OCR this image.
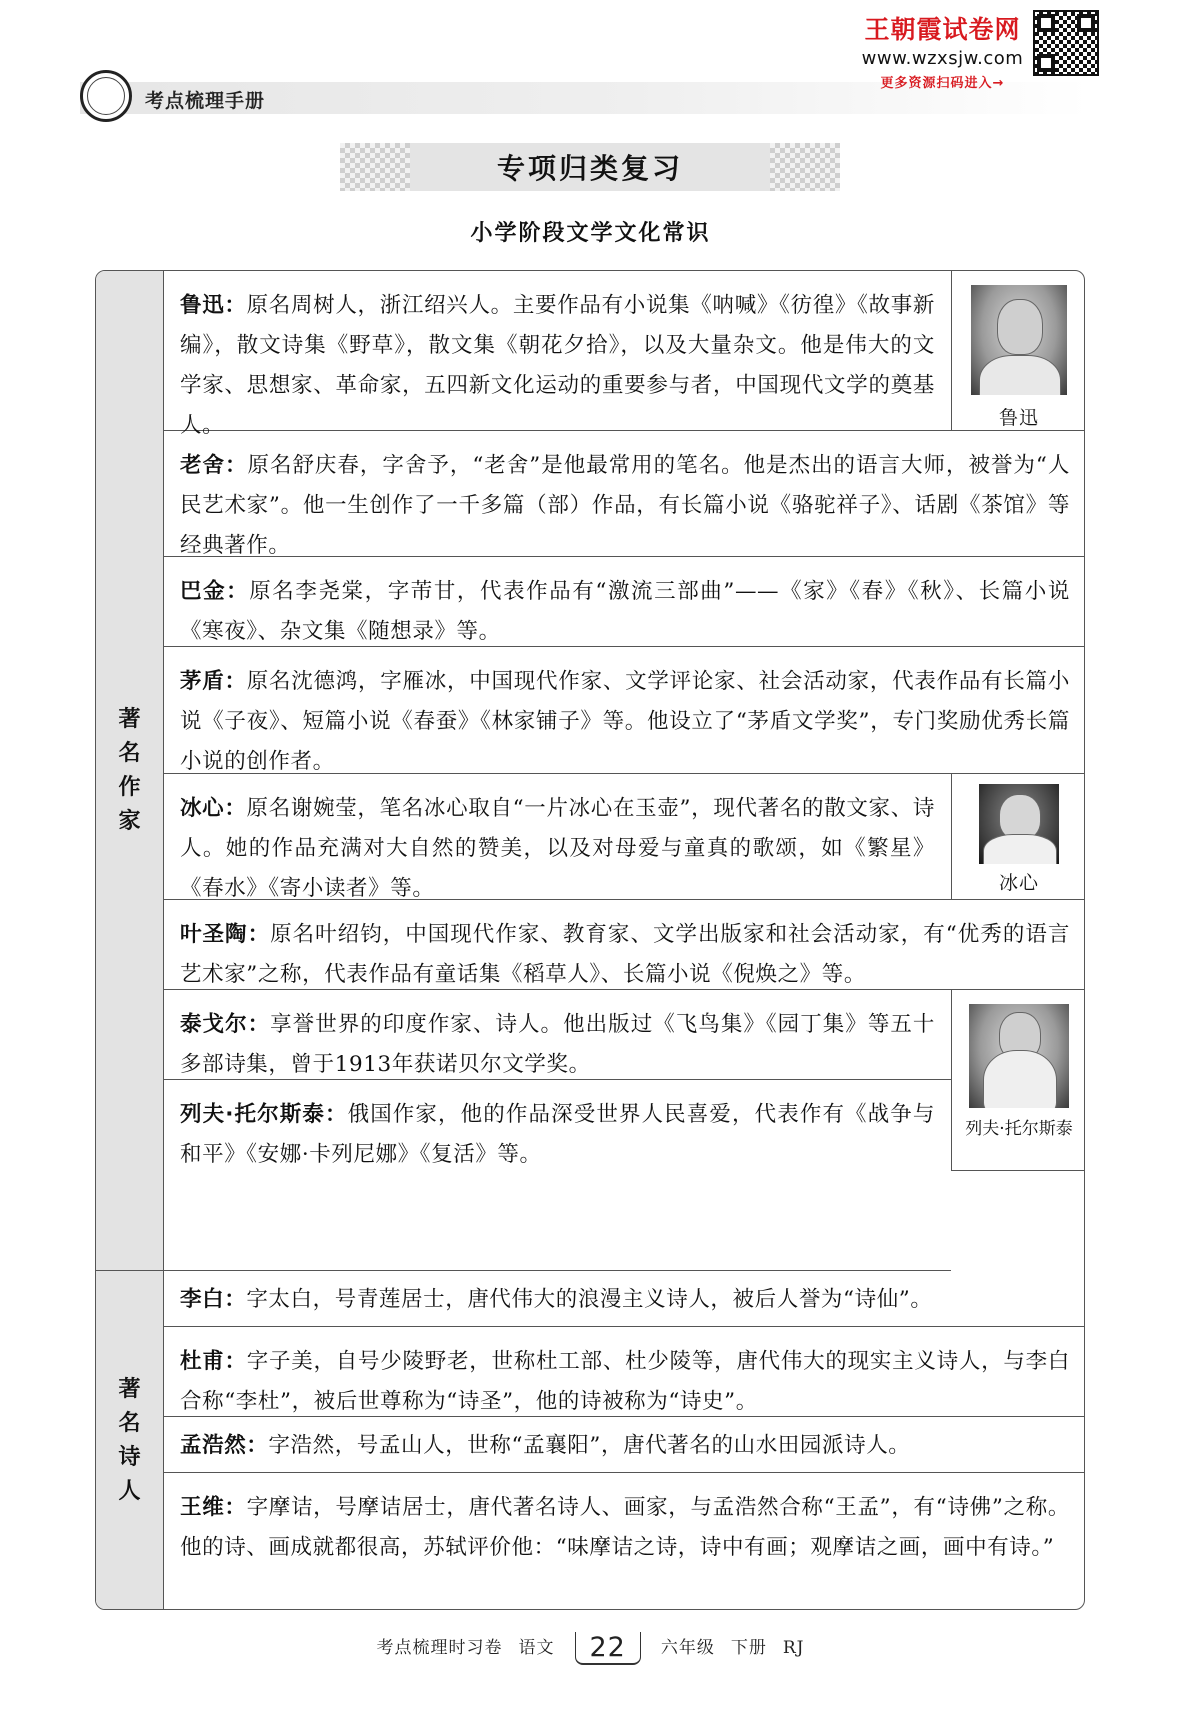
考点梳理手册
王朝霞试卷网
www.wzxsjw.com
更多资源扫码进入→
专项归类复习
小学阶段文学文化常识
著名作家
著名诗人
鲁迅：原名周树人，浙江绍兴人。主要作品有小说集《呐喊》《彷徨》《故事新编》，散文诗集《野草》，散文集《朝花夕拾》，以及大量杂文。他是伟大的文学家、思想家、革命家，五四新文化运动的重要参与者，中国现代文学的奠基人。	鲁迅
老舍：原名舒庆春，字舍予，“老舍”是他最常用的笔名。他是杰出的语言大师，被誉为“人民艺术家”。他一生创作了一千多篇（部）作品，有长篇小说《骆驼祥子》、话剧《茶馆》等经典著作。
巴金：原名李尧棠，字芾甘，代表作品有“激流三部曲”——《家》《春》《秋》、长篇小说《寒夜》、杂文集《随想录》等。
茅盾：原名沈德鸿，字雁冰，中国现代作家、文学评论家、社会活动家，代表作品有长篇小说《子夜》、短篇小说《春蚕》《林家铺子》等。他设立了“茅盾文学奖”，专门奖励优秀长篇小说的创作者。
冰心：原名谢婉莹，笔名冰心取自“一片冰心在玉壶”，现代著名的散文家、诗人。她的作品充满对大自然的赞美，以及对母爱与童真的歌颂，如《繁星》《春水》《寄小读者》等。	冰心
叶圣陶：原名叶绍钧，中国现代作家、教育家、文学出版家和社会活动家，有“优秀的语言艺术家”之称，代表作品有童话集《稻草人》、长篇小说《倪焕之》等。
泰戈尔：享誉世界的印度作家、诗人。他出版过《飞鸟集》《园丁集》等五十多部诗集，曾于1913年获诺贝尔文学奖。
列夫·托尔斯泰：俄国作家，他的作品深受世界人民喜爱，代表作有《战争与和平》《安娜·卡列尼娜》《复活》等。
列夫·托尔斯泰
李白：字太白，号青莲居士，唐代伟大的浪漫主义诗人，被后人誉为“诗仙”。
杜甫：字子美，自号少陵野老，世称杜工部、杜少陵等，唐代伟大的现实主义诗人，与李白合称“李杜”，被后世尊称为“诗圣”，他的诗被称为“诗史”。
孟浩然：字浩然，号孟山人，世称“孟襄阳”，唐代著名的山水田园派诗人。
王维：字摩诘，号摩诘居士，唐代著名诗人、画家，与孟浩然合称“王孟”，有“诗佛”之称。他的诗、画成就都很高，苏轼评价他：“味摩诘之诗，诗中有画；观摩诘之画，画中有诗。”
考点梳理时习卷 语文 22 六年级 下册 RJ
